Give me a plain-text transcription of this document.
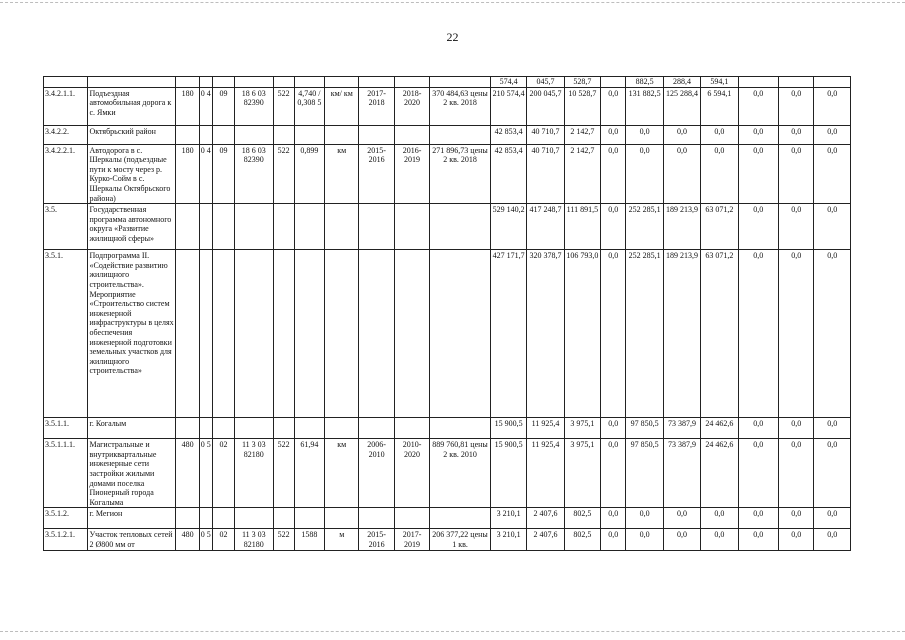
22
												574,4	045,7	528,7		882,5	288,4	594,1			
3.4.2.1.1.	Подъездная автомобильная дорога к с. Ямки	180	0 4	09	18 6 03 82390	522	4,740 / 0,308 5	км/ км	2017- 2018	2018- 2020	370 484,63 цены 2 кв. 2018	210 574,4	200 045,7	10 528,7	0,0	131 882,5	125 288,4	6 594,1	0,0	0,0	0,0
3.4.2.2.	Октябрьский район											42 853,4	40 710,7	2 142,7	0,0	0,0	0,0	0,0	0,0	0,0	0,0
3.4.2.2.1.	Автодорога в с. Шеркалы (подъездные пути к мосту через р. Курко-Сойм в с. Шеркалы Октябрьского района)	180	0 4	09	18 6 03 82390	522	0,899	км	2015- 2016	2016- 2019	271 896,73 цены 2 кв. 2018	42 853,4	40 710,7	2 142,7	0,0	0,0	0,0	0,0	0,0	0,0	0,0
3.5.	Государственная программа автономного округа «Развитие жилищной сферы»											529 140,2	417 248,7	111 891,5	0,0	252 285,1	189 213,9	63 071,2	0,0	0,0	0,0
3.5.1.	Подпрограмма II. «Содействие развитию жилищного строительства». Мероприятие «Строительство систем инженерной инфраструктуры в целях обеспечения инженерной подготовки земельных участков для жилищного строительства»											427 171,7	320 378,7	106 793,0	0,0	252 285,1	189 213,9	63 071,2	0,0	0,0	0,0
3.5.1.1.	г. Когалым											15 900,5	11 925,4	3 975,1	0,0	97 850,5	73 387,9	24 462,6	0,0	0,0	0,0
3.5.1.1.1.	Магистральные и внутриквартальные инженерные сети застройки жилыми домами поселка Пионерный города Когалыма	480	0 5	02	11 3 03 82180	522	61,94	км	2006- 2010	2010- 2020	889 760,81 цены 2 кв. 2010	15 900,5	11 925,4	3 975,1	0,0	97 850,5	73 387,9	24 462,6	0,0	0,0	0,0
3.5.1.2.	г. Мегион											3 210,1	2 407,6	802,5	0,0	0,0	0,0	0,0	0,0	0,0	0,0
3.5.1.2.1.	Участок тепловых сетей 2 Ø800 мм от	480	0 5	02	11 3 03 82180	522	1588	м	2015- 2016	2017- 2019	206 377,22 цены 1 кв.	3 210,1	2 407,6	802,5	0,0	0,0	0,0	0,0	0,0	0,0	0,0
